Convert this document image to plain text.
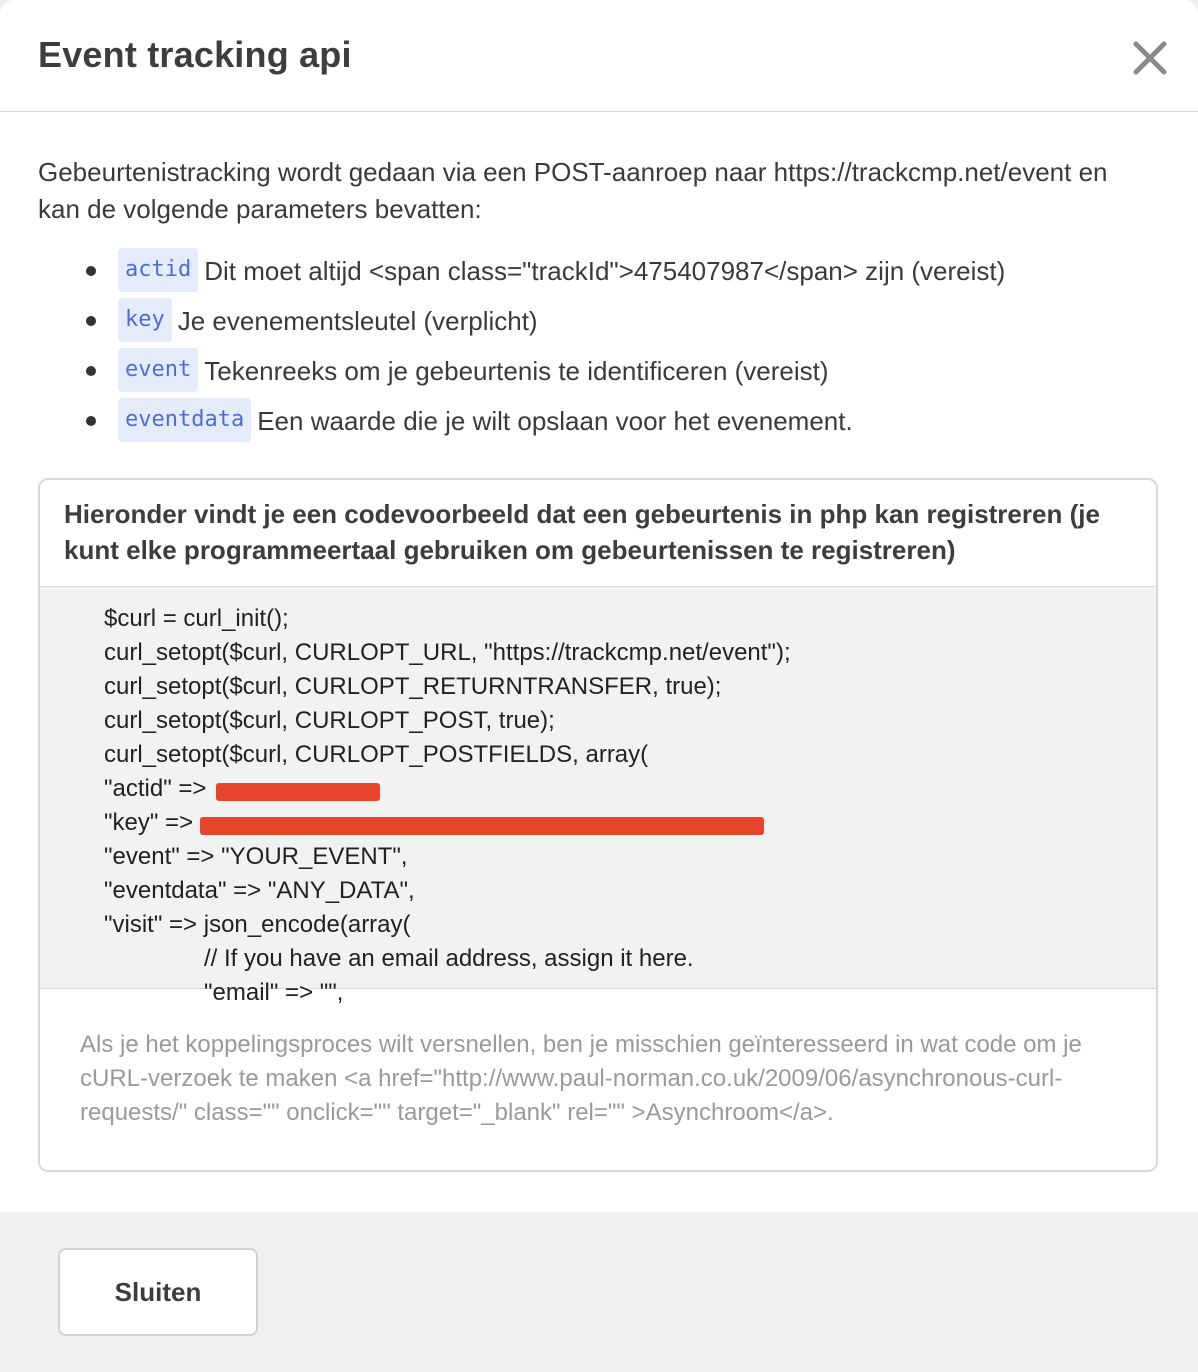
Event tracking api

Gebeurtenistracking wordt gedaan via een POST-aanroep naar https://trackcmp.net/event en kan de volgende parameters bevatten:

actid Dit moet altijd <span class="trackId">475407987</span> zijn (vereist)
key Je evenementsleutel (verplicht)
event Tekenreeks om je gebeurtenis te identificeren (vereist)
eventdata Een waarde die je wilt opslaan voor het evenement.

Hieronder vindt je een codevoorbeeld dat een gebeurtenis in php kan registreren (je kunt elke programmeertaal gebruiken om gebeurtenissen te registreren)

$curl = curl_init();
curl_setopt($curl, CURLOPT_URL, "https://trackcmp.net/event");
curl_setopt($curl, CURLOPT_RETURNTRANSFER, true);
curl_setopt($curl, CURLOPT_POST, true);
curl_setopt($curl, CURLOPT_POSTFIELDS, array(
"actid" =>
"key" =>
"event" => "YOUR_EVENT",
"eventdata" => "ANY_DATA",
"visit" => json_encode(array(
// If you have an email address, assign it here.
"email" => "",

Als je het koppelingsproces wilt versnellen, ben je misschien geïnteresseerd in wat code om je cURL-verzoek te maken <a href="http://www.paul-norman.co.uk/2009/06/asynchronous-curl-requests/" class="" onclick="" target="_blank" rel="" >Asynchroom</a>.

Sluiten
